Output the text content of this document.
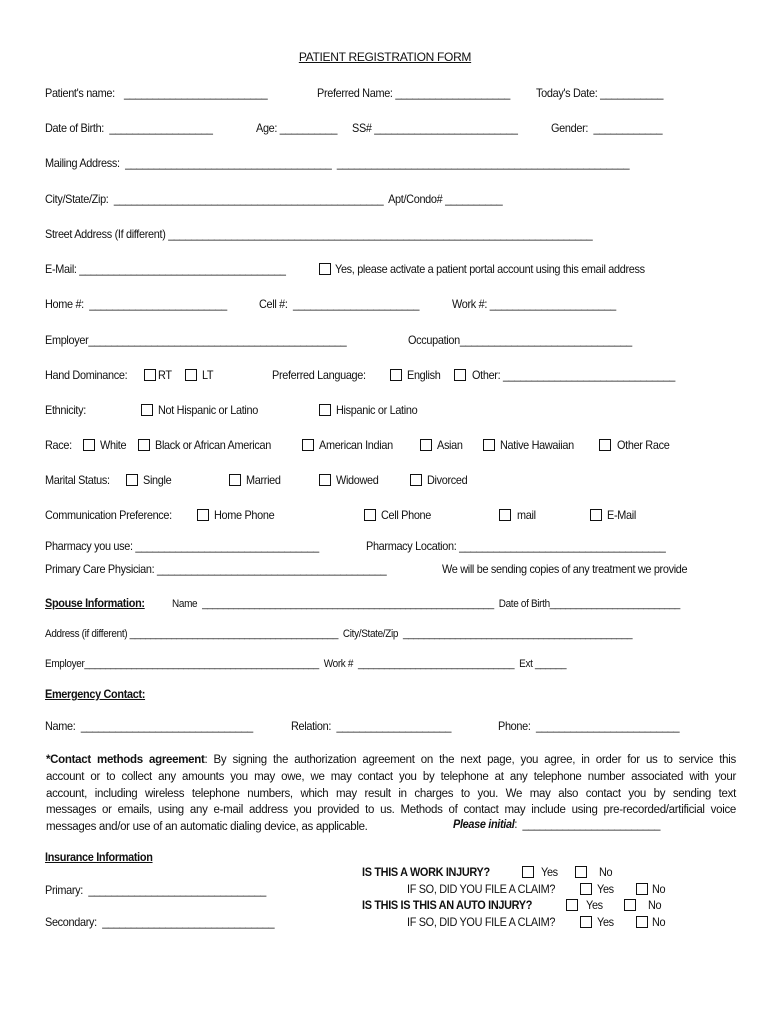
PATIENT REGISTRATION FORM
Patient's name: _________________________	Preferred Name: ____________________ Today's Date: ___________
Date of Birth:  __________________	Age: __________ SS# _________________________	Gender:  ____________
Mailing Address:  ____________________________________  ___________________________________________________
City/State/Zip:  _______________________________________________  Apt/Condo# __________
Street Address (If different) __________________________________________________________________________
E-Mail: ____________________________________	Yes, please activate a patient portal account using this email address
Home #:  ________________________	Cell #:  ______________________	Work #: ______________________
Employer_____________________________________________	Occupation______________________________
Hand Dominance:	RT	LT	Preferred Language:	English	Other: ______________________________
Ethnicity:	Not Hispanic or Latino	Hispanic or Latino
Race: White Black or African American	American Indian	Asian	Native Hawaiian	Other Race
Marital Status:	Single	Married	Widowed	Divorced
Communication Preference:	Home Phone	Cell Phone	mail	E-Mail
Pharmacy you use: ________________________________	Pharmacy Location: ____________________________________
Primary Care Physician: ________________________________________	We will be sending copies of any treatment we provide
Spouse Information:	Name  ________________________________________________________  Date of Birth_________________________
Address (if different) ________________________________________  City/State/Zip  ____________________________________________
Employer_____________________________________________  Work #  ______________________________  Ext ______
Emergency Contact:
Name:  ______________________________	Relation:  ____________________	Phone:  _________________________
*Contact methods agreement: By signing the authorization agreement on the next page, you agree, in order for us to service this
account or to collect any amounts you may owe, we may contact you by telephone at any telephone number associated with your
account, including wireless telephone numbers, which may result in charges to you. We may also contact you by sending text
messages or emails, using any e-mail address you provided to us. Methods of contact may include using pre-recorded/artificial voice
messages and/or use of an automatic dialing device, as applicable.	Please initial:  ________________________
Insurance Information
Primary:  _______________________________
Secondary:  ______________________________
IS THIS A WORK INJURY?	Yes	No
IF SO, DID YOU FILE A CLAIM?	Yes	No
IS THIS IS THIS AN AUTO INJURY?	Yes	No
IF SO, DID YOU FILE A CLAIM?	Yes	No
